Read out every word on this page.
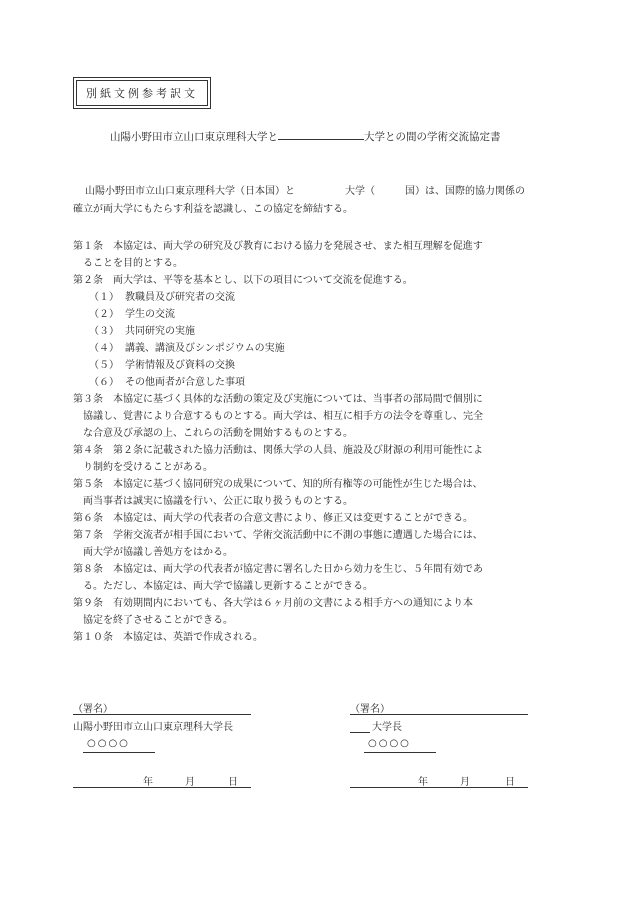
別紙文例参考訳文
山陽小野田市立山口東京理科大学と	大学との間の学術交流協定書
山陽小野田市立山口東京理科大学（日本国）と　　　　　大学（　　　国）は、国際的協力関係の
確立が両大学にもたらす利益を認識し、この協定を締結する。
第１条　本協定は、両大学の研究及び教育における協力を発展させ、また相互理解を促進す
ることを目的とする。
第２条　両大学は、平等を基本とし、以下の項目について交流を促進する。
（１） 教職員及び研究者の交流
（２） 学生の交流
（３） 共同研究の実施
（４） 講義、講演及びシンポジウムの実施
（５） 学術情報及び資料の交換
（６） その他両者が合意した事項
第３条　本協定に基づく具体的な活動の策定及び実施については、当事者の部局間で個別に
協議し、覚書により合意するものとする。両大学は、相互に相手方の法令を尊重し、完全
な合意及び承認の上、これらの活動を開始するものとする。
第４条　第２条に記載された協力活動は、関係大学の人員、施設及び財源の利用可能性によ
り制約を受けることがある。
第５条　本協定に基づく協同研究の成果について、知的所有権等の可能性が生じた場合は、
両当事者は誠実に協議を行い、公正に取り扱うものとする。
第６条　本協定は、両大学の代表者の合意文書により、修正又は変更することができる。
第７条　学術交流者が相手国において、学術交流活動中に不測の事態に遭遇した場合には、
両大学が協議し善処方をはかる。
第８条　本協定は、両大学の代表者が協定書に署名した日から効力を生じ、５年間有効であ
る。ただし、本協定は、両大学で協議し更新することができる。
第９条　有効期間内においても、各大学は６ヶ月前の文書による相手方への通知により本
協定を終了させることができる。
第１０条　本協定は、英語で作成される。
（署名）
山陽小野田市立山口東京理科大学長
○○○○
年	月	日
（署名）
大学長
○○○○
年	月	日
